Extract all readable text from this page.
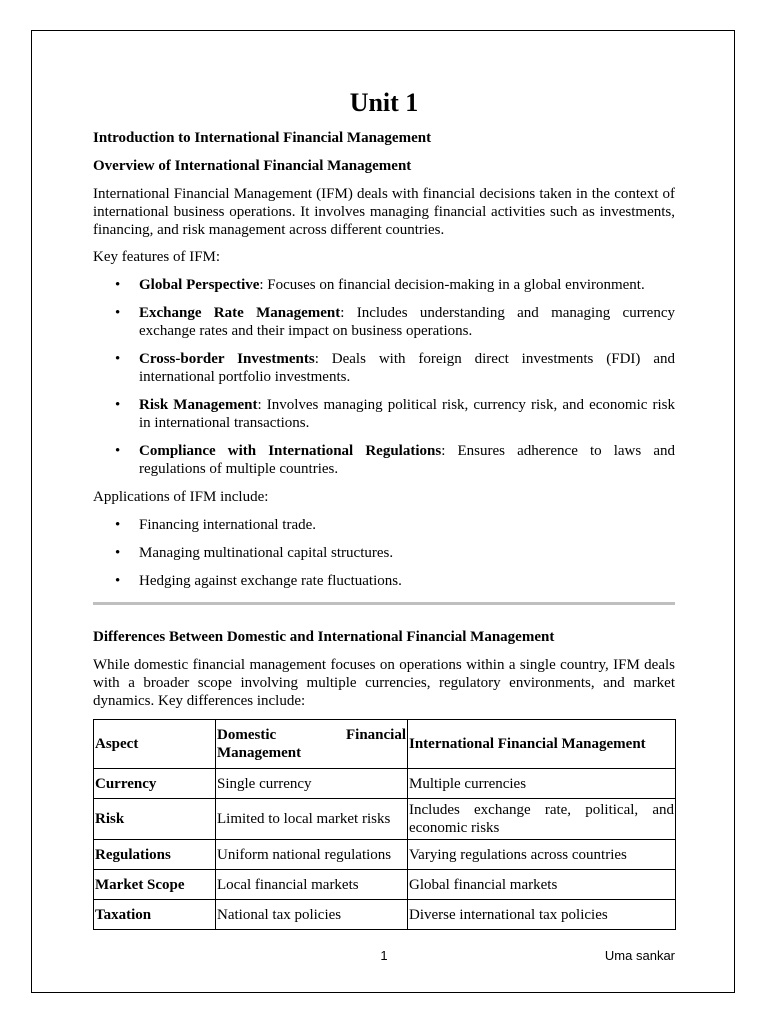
Unit 1

Introduction to International Financial Management

Overview of International Financial Management

International Financial Management (IFM) deals with financial decisions taken in the context of international business operations. It involves managing financial activities such as investments, financing, and risk management across different countries.

Key features of IFM:

• Global Perspective: Focuses on financial decision-making in a global environment.
• Exchange Rate Management: Includes understanding and managing currency exchange rates and their impact on business operations.
• Cross-border Investments: Deals with foreign direct investments (FDI) and international portfolio investments.
• Risk Management: Involves managing political risk, currency risk, and economic risk in international transactions.
• Compliance with International Regulations: Ensures adherence to laws and regulations of multiple countries.

Applications of IFM include:

• Financing international trade.
• Managing multinational capital structures.
• Hedging against exchange rate fluctuations.

Differences Between Domestic and International Financial Management

While domestic financial management focuses on operations within a single country, IFM deals with a broader scope involving multiple currencies, regulatory environments, and market dynamics. Key differences include:

Aspect	Domestic Financial Management	International Financial Management
Currency	Single currency	Multiple currencies
Risk	Limited to local market risks	Includes exchange rate, political, and economic risks
Regulations	Uniform national regulations	Varying regulations across countries
Market Scope	Local financial markets	Global financial markets
Taxation	National tax policies	Diverse international tax policies
1	Uma sankar
